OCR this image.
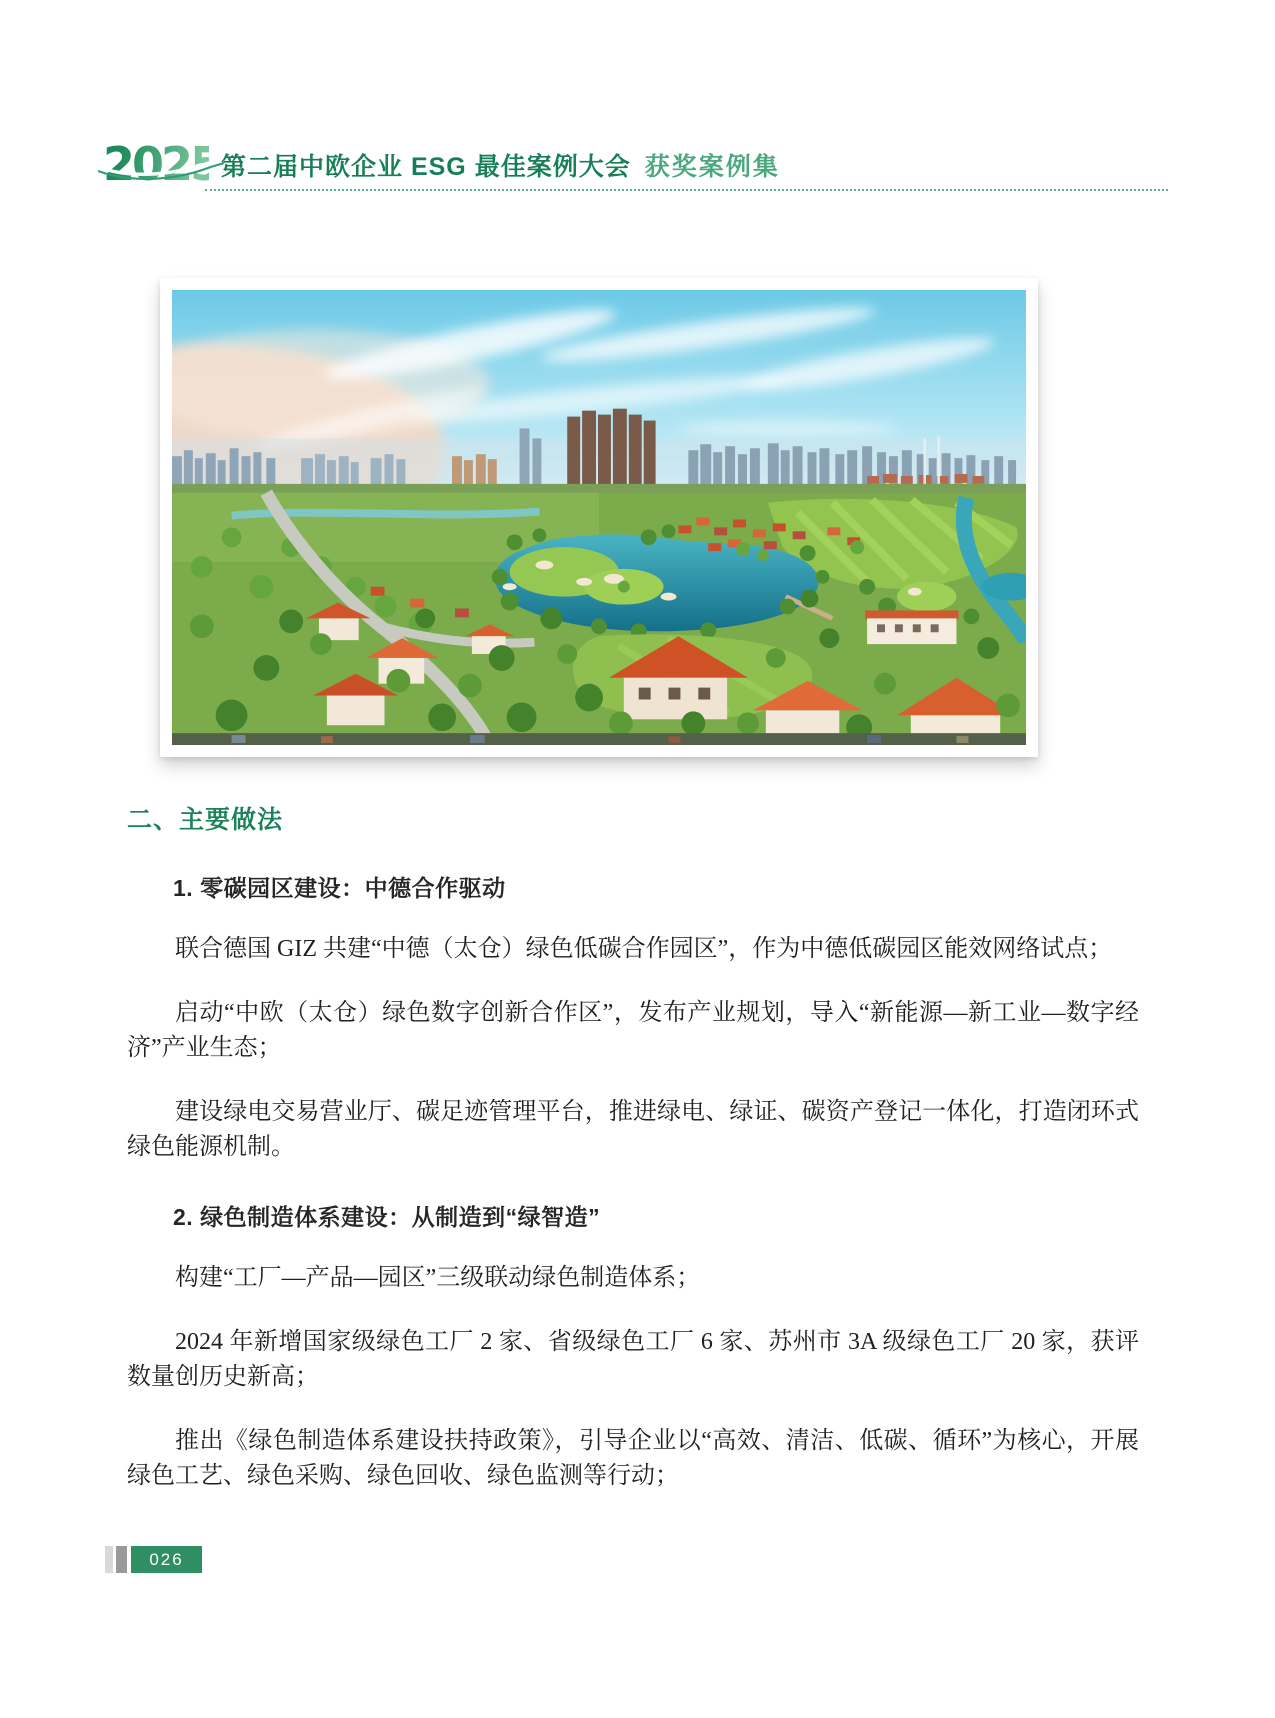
2025 第二届中欧企业 ESG 最佳案例大会 获奖案例集
二、主要做法
1. 零碳园区建设：中德合作驱动

联合德国 GIZ 共建“中德（太仓）绿色低碳合作园区”，作为中德低碳园区能效网络试点；

启动“中欧（太仓）绿色数字创新合作区”，发布产业规划，导入“新能源—新工业—数字经济”产业生态；

建设绿电交易营业厅、碳足迹管理平台，推进绿电、绿证、碳资产登记一体化，打造闭环式绿色能源机制。

2. 绿色制造体系建设：从制造到“绿智造”

构建“工厂—产品—园区”三级联动绿色制造体系；

2024 年新增国家级绿色工厂 2 家、省级绿色工厂 6 家、苏州市 3A 级绿色工厂 20 家，获评数量创历史新高；

推出《绿色制造体系建设扶持政策》，引导企业以“高效、清洁、低碳、循环”为核心，开展绿色工艺、绿色采购、绿色回收、绿色监测等行动；

026
